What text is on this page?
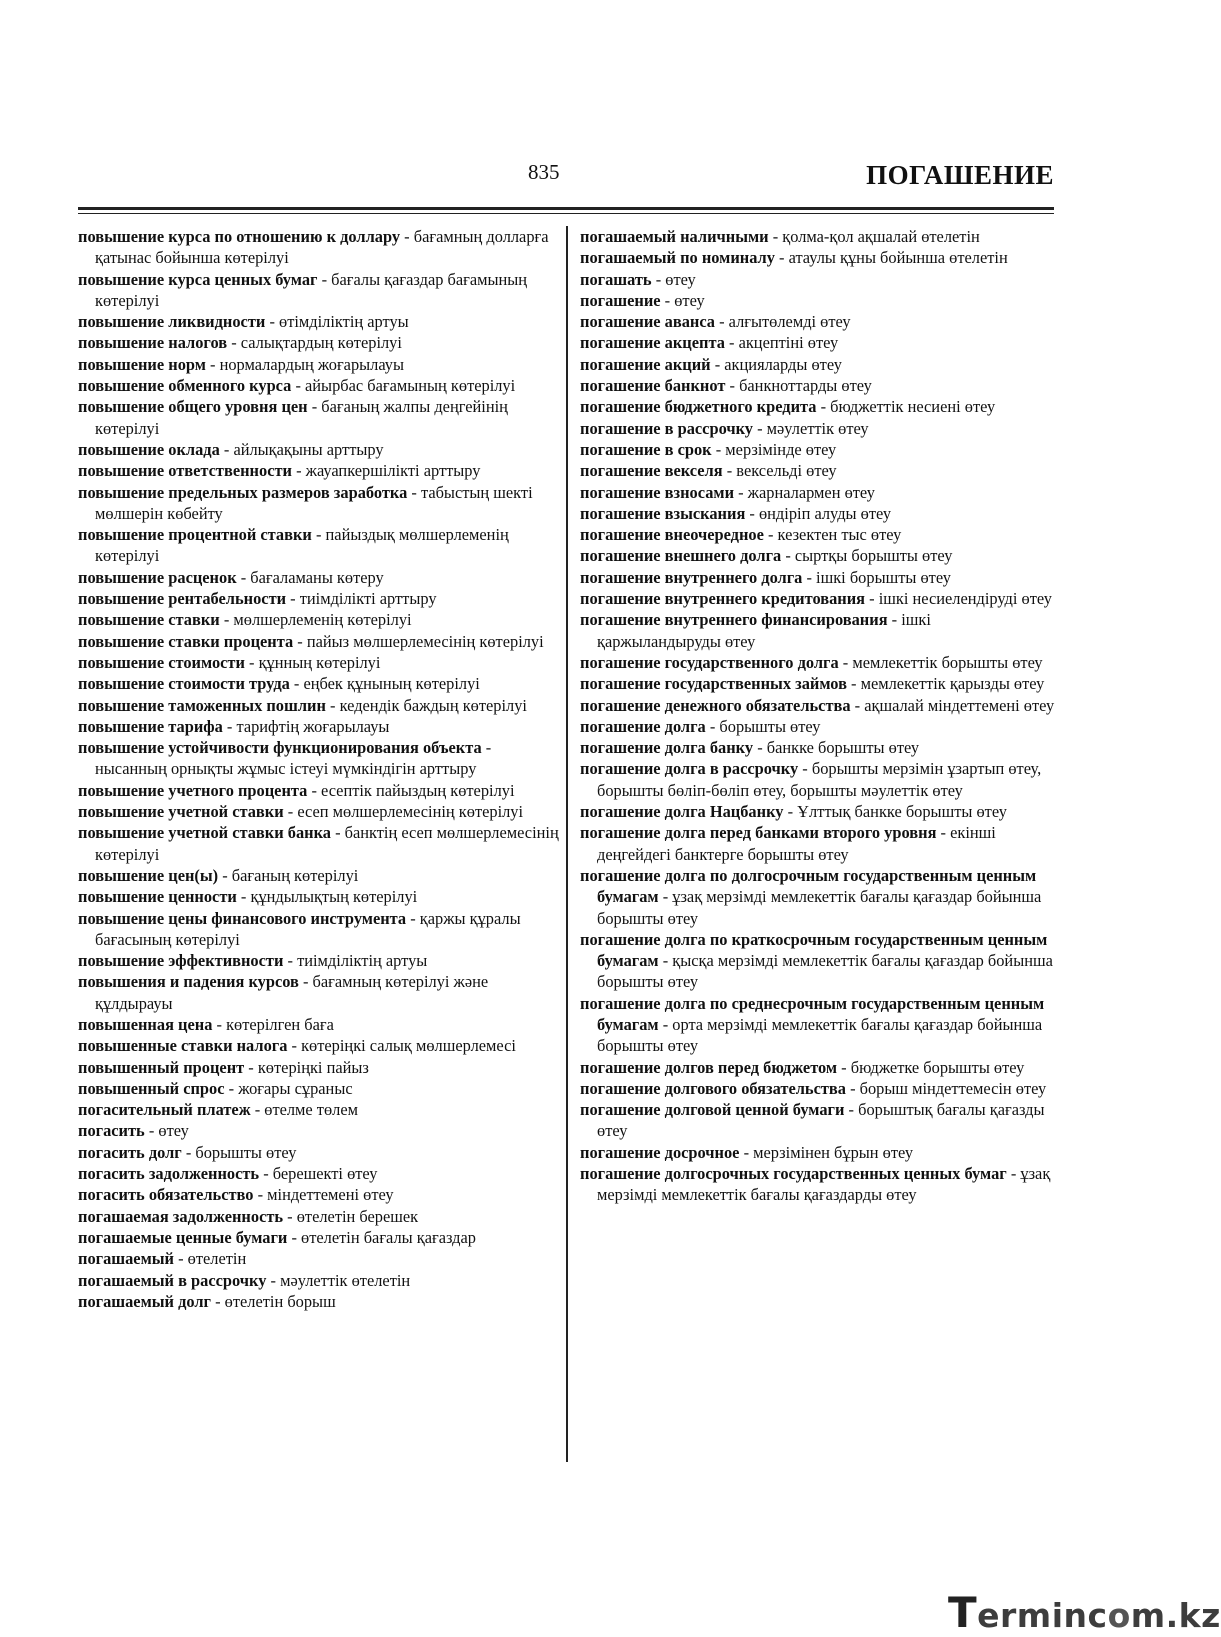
835	ПОГАШЕНИЕ
повышение курса по отношению к доллару - бағамның долларға қатынас бойынша көтерілуі
повышение курса ценных бумаг - бағалы қағаздар бағамының көтерілуі
повышение ликвидности - өтімділіктің артуы
повышение налогов - салықтардың көтерілуі
повышение норм - нормалардың жоғарылауы
повышение обменного курса - айырбас бағамының көтерілуі
повышение общего уровня цен - бағаның жалпы деңгейінің көтерілуі
повышение оклада - айлықақыны арттыру
повышение ответственности - жауапкершілікті арттыру
повышение предельных размеров заработка - табыстың шекті мөлшерін көбейту
повышение процентной ставки - пайыздық мөлшерлеменің көтерілуі
повышение расценок - бағаламаны көтеру
повышение рентабельности - тиімділікті арттыру
повышение ставки - мөлшерлеменің көтерілуі
повышение ставки процента - пайыз мөлшерлемесінің көтерілуі
повышение стоимости - құнның көтерілуі
повышение стоимости труда - еңбек құнының көтерілуі
повышение таможенных пошлин - кедендік баждың көтерілуі
повышение тарифа - тарифтің жоғарылауы
повышение устойчивости функционирования объекта - нысанның орнықты жұмыс істеуі мүмкіндігін арттыру
повышение учетного процента - есептік пайыздың көтерілуі
повышение учетной ставки - есеп мөлшерлемесінің көтерілуі
повышение учетной ставки банка - банктің есеп мөлшерлемесінің көтерілуі
повышение цен(ы) - бағаның көтерілуі
повышение ценности - құндылықтың көтерілуі
повышение цены финансового инструмента - қаржы құралы бағасының көтерілуі
повышение эффективности - тиімділіктің артуы
повышения и падения курсов - бағамның көтерілуі және құлдырауы
повышенная цена - көтерілген баға
повышенные ставки налога - көтеріңкі салық мөлшерлемесі
повышенный процент - көтеріңкі пайыз
повышенный спрос - жоғары сұраныс
погасительный платеж - өтелме төлем
погасить - өтеу
погасить долг - борышты өтеу
погасить задолженность - берешекті өтеу
погасить обязательство - міндеттемені өтеу
погашаемая задолженность - өтелетін берешек
погашаемые ценные бумаги - өтелетін бағалы қағаздар
погашаемый - өтелетін
погашаемый в рассрочку - мәулеттік өтелетін
погашаемый долг - өтелетін борыш
погашаемый наличными - қолма-қол ақшалай өтелетін
погашаемый по номиналу - атаулы құны бойынша өтелетін
погашать - өтеу
погашение - өтеу
погашение аванса - алғытөлемді өтеу
погашение акцепта - акцептіні өтеу
погашение акций - акцияларды өтеу
погашение банкнот - банкноттарды өтеу
погашение бюджетного кредита - бюджеттік несиені өтеу
погашение в рассрочку - мәулеттік өтеу
погашение в срок - мерзімінде өтеу
погашение векселя - вексельді өтеу
погашение взносами - жарналармен өтеу
погашение взыскания - өндіріп алуды өтеу
погашение внеочередное - кезектен тыс өтеу
погашение внешнего долга - сыртқы борышты өтеу
погашение внутреннего долга - ішкі борышты өтеу
погашение внутреннего кредитования - ішкі несиелендіруді өтеу
погашение внутреннего финансирования - ішкі қаржыландыруды өтеу
погашение государственного долга - мемлекеттік борышты өтеу
погашение государственных займов - мемлекеттік қарызды өтеу
погашение денежного обязательства - ақшалай міндеттемені өтеу
погашение долга - борышты өтеу
погашение долга банку - банкке борышты өтеу
погашение долга в рассрочку - борышты мерзімін ұзартып өтеу, борышты бөліп-бөліп өтеу, борышты мәулеттік өтеу
погашение долга Нацбанку - Ұлттық банкке борышты өтеу
погашение долга перед банками второго уровня - екінші деңгейдегі банктерге борышты өтеу
погашение долга по долгосрочным государственным ценным бумагам - ұзақ мерзімді мемлекеттік бағалы қағаздар бойынша борышты өтеу
погашение долга по краткосрочным государственным ценным бумагам - қысқа мерзімді мемлекеттік бағалы қағаздар бойынша борышты өтеу
погашение долга по среднесрочным государственным ценным бумагам - орта мерзімді мемлекеттік бағалы қағаздар бойынша борышты өтеу
погашение долгов перед бюджетом - бюджетке борышты өтеу
погашение долгового обязательства - борыш міндеттемесін өтеу
погашение долговой ценной бумаги - борыштық бағалы қағазды өтеу
погашение досрочное - мерзімінен бұрын өтеу
погашение долгосрочных государственных ценных бумаг - ұзақ мерзімді мемлекеттік бағалы қағаздарды өтеу
Termincom.kz
